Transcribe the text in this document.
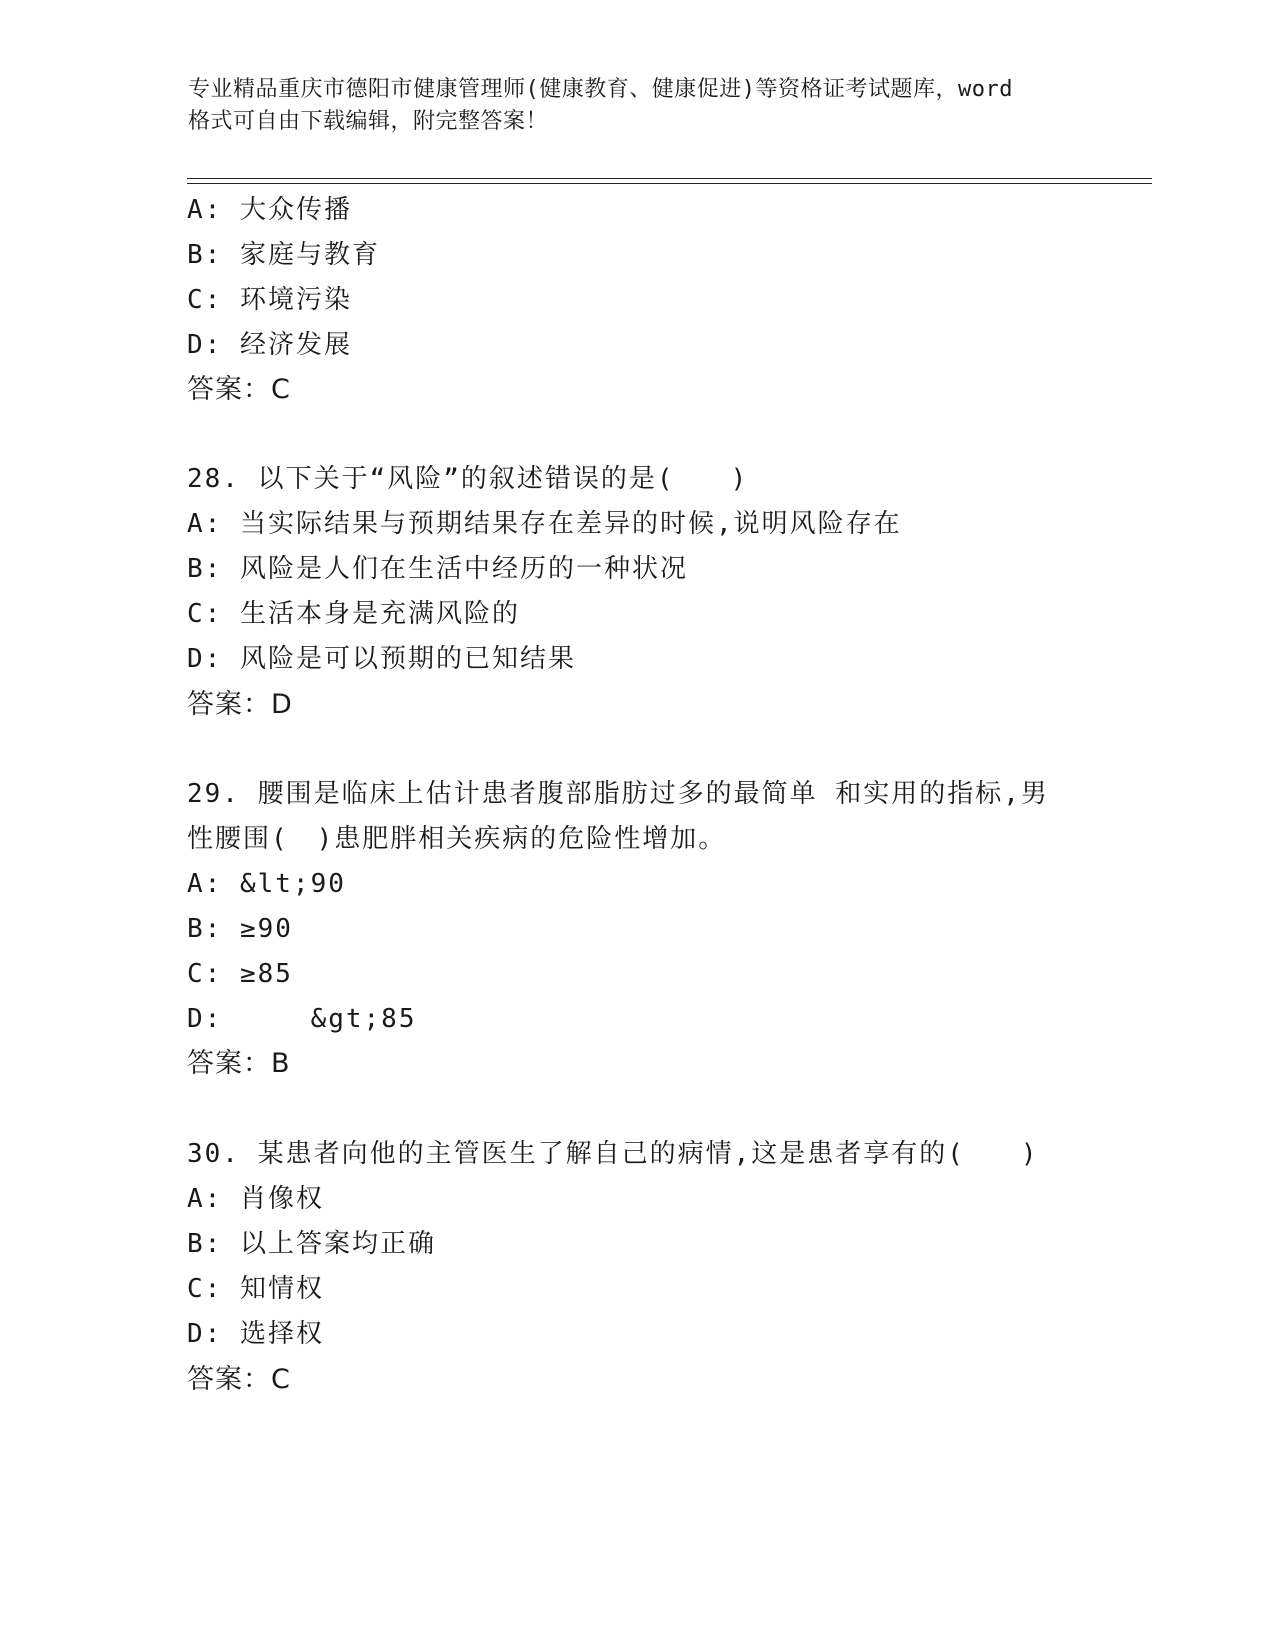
专业精品重庆市德阳市健康管理师(健康教育、健康促进)等资格证考试题库，word
格式可自由下载编辑，附完整答案！
A: 大众传播
B: 家庭与教育
C: 环境污染
D: 经济发展
答案：C
28. 以下关于“风险”的叙述错误的是(　　)
A: 当实际结果与预期结果存在差异的时候,说明风险存在
B: 风险是人们在生活中经历的一种状况
C: 生活本身是充满风险的
D: 风险是可以预期的已知结果
答案：D
29. 腰围是临床上估计患者腹部脂肪过多的最简单 和实用的指标,男
性腰围(　)患肥胖相关疾病的危险性增加。
A: &lt;90
B: ≥90
C: ≥85
D:     &gt;85
答案：B
30. 某患者向他的主管医生了解自己的病情,这是患者享有的(　　)
A: 肖像权
B: 以上答案均正确
C: 知情权
D: 选择权
答案：C
